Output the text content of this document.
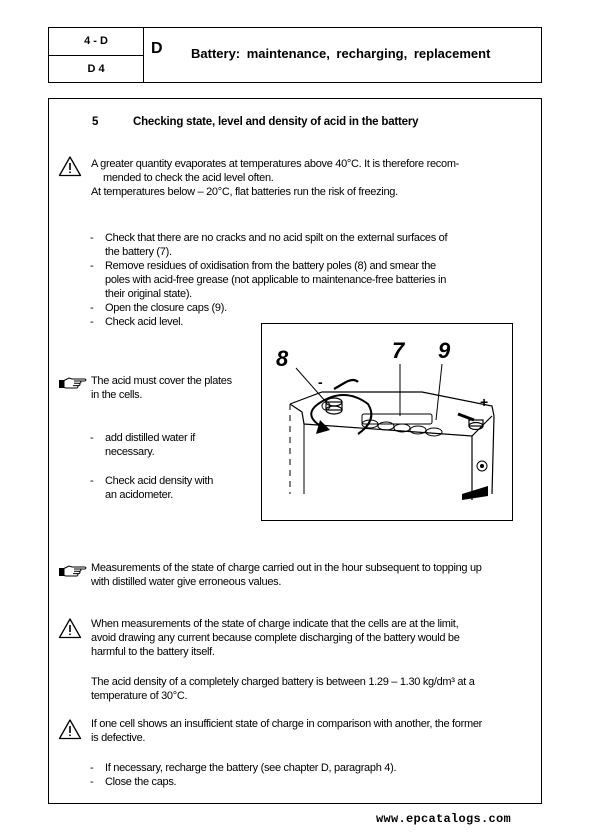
4 - D
D 4
D Battery: maintenance, recharging, replacement
5	Checking state, level and density of acid in the battery
A greater quantity evaporates at temperatures above 40°C. It is therefore recom-
mended to check the acid level often.
At temperatures below – 20°C, flat batteries run the risk of freezing.
-	Check that there are no cracks and no acid spilt on the external surfaces of
the battery (7).
-	Remove residues of oxidisation from the battery poles (8) and smear the
poles with acid-free grease (not applicable to maintenance-free batteries in
their original state).
-	Open the closure caps (9).
-	Check acid level.
The acid must cover the plates
in the cells.
-	add distilled water if
necessary.
-	Check acid density with
an acidometer.
8	7 9
-
+
Measurements of the state of charge carried out in the hour subsequent to topping up
with distilled water give erroneous values.
When measurements of the state of charge indicate that the cells are at the limit,
avoid drawing any current because complete discharging of the battery would be
harmful to the battery itself.
The acid density of a completely charged battery is between 1.29 – 1.30 kg/dm³ at a
temperature of 30°C.
If one cell shows an insufficient state of charge in comparison with another, the former
is defective.
-	If necessary, recharge the battery (see chapter D, paragraph 4).
-	Close the caps.
www.epcatalogs.com
